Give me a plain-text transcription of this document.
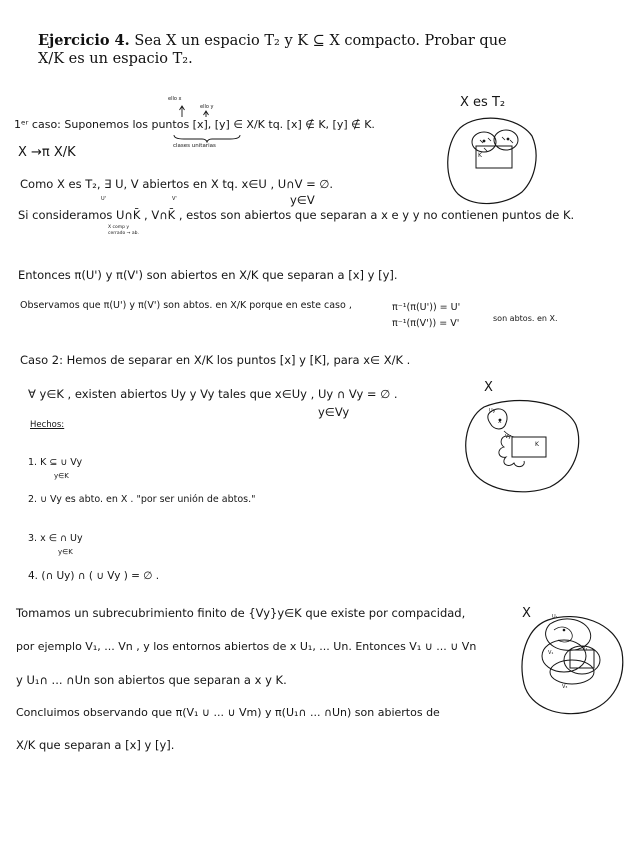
Ejercicio 4. Sea X un espacio T₂ y K ⊆ X compacto. Probar que
X/K es un espacio T₂.
ello x
ello y
1ᵉʳ caso: Suponemos los puntos [x], [y] ∈ X/K tq. [x] ∉ K, [y] ∉ K.
clases unitarias
X →π X/K
Como X es T₂, ∃ U, V abiertos en X tq. x∈U , U∩V = ∅.
y∈V
U'	V'
Si consideramos U∩K̄ , V∩K̄ , estos son abiertos que separan a x e y y no contienen puntos de K.
X comp y cerrado → ab.
Entonces π(U') y π(V') son abiertos en X/K que separan a [x] y [y].
Observamos que π(U') y π(V') son abtos. en X/K porque en este caso ,	π⁻¹(π(U')) = U'
π⁻¹(π(V')) = V'	son abtos. en X.
Caso 2: Hemos de separar en X/K los puntos [x] y [K], para x∈ X/K .
∀ y∈K , existen abiertos Uy y Vy tales que x∈Uy , Uy ∩ Vy = ∅ .
y∈Vy
Hechos:
1. K ⊆ ∪ Vy
y∈K
2. ∪ Vy es abto. en X . "por ser unión de abtos."
3. x ∈ ∩ Uy
y∈K
4. (∩ Uy) ∩ ( ∪ Vy ) = ∅ .
Tomamos un subrecubrimiento finito de {Vy}y∈K que existe por compacidad,
por ejemplo V₁, ... Vn , y los entornos abiertos de x U₁, ... Un. Entonces V₁ ∪ ... ∪ Vn
y U₁∩ ... ∩Un son abiertos que separan a x y K.
Concluimos observando que π(V₁ ∪ ... ∪ Vm) y π(U₁∩ ... ∩Un) son abiertos de
X/K que separan a [x] y [y].
X es T₂
K
X
Uy
x
Vy
K
X	U₁
V₁
V₂
V₃
